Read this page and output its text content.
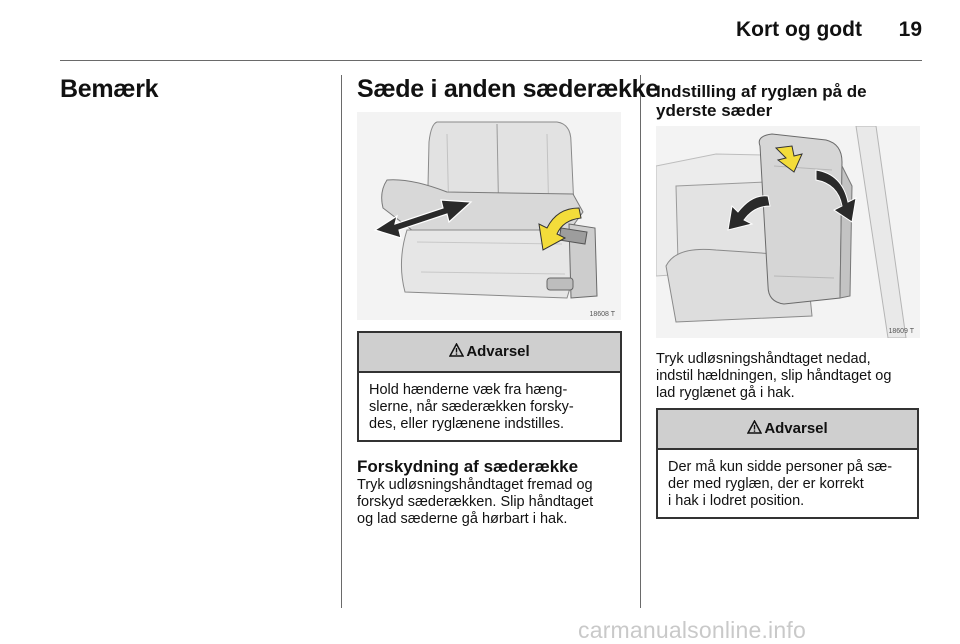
Kort og godt 19
Bemærk	Sæde i anden sæderække
18608 T
Advarsel
Hold hænderne væk fra hæng-
slerne, når sæderækken forsky-
des, eller ryglænene indstilles.
Forskydning af sæderække
Tryk udløsningshåndtaget fremad og
forskyd sæderækken. Slip håndtaget
og lad sæderne gå hørbart i hak.
Indstilling af ryglæn på de
yderste sæder
18609 T
Tryk udløsningshåndtaget nedad,
indstil hældningen, slip håndtaget og
lad ryglænet gå i hak.
Advarsel
Der må kun sidde personer på sæ-
der med ryglæn, der er korrekt
i hak i lodret position.
carmanualsonline.info
